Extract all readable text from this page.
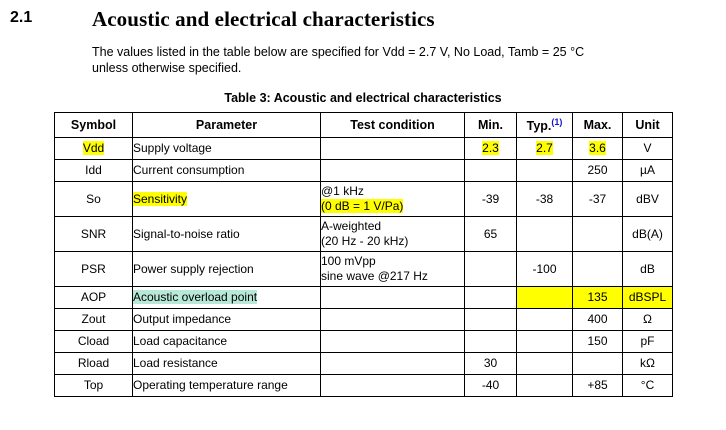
2.1	Acoustic and electrical characteristics
The values listed in the table below are specified for Vdd = 2.7 V, No Load, Tamb = 25 °C
unless otherwise specified.
Table 3: Acoustic and electrical characteristics
Symbol	Parameter	Test condition	Min.	Typ.$^{(1)}$	Max.	Unit
Vdd	Supply voltage		2.3	2.7	3.6	V
Idd	Current consumption				250	µA
So	Sensitivity	@1 kHz
(0 dB = 1 V/Pa)	-39	-38	-37	dBV
SNR	Signal-to-noise ratio	A-weighted
(20 Hz - 20 kHz)	65			dB(A)
PSR	Power supply rejection	100 mVpp
sine wave @217 Hz		-100		dB
AOP	Acoustic overload point				135	dBSPL
Zout	Output impedance				400	Ω
Cload	Load capacitance				150	pF
Rload	Load resistance		30			kΩ
Top	Operating temperature range		-40		+85	°C
